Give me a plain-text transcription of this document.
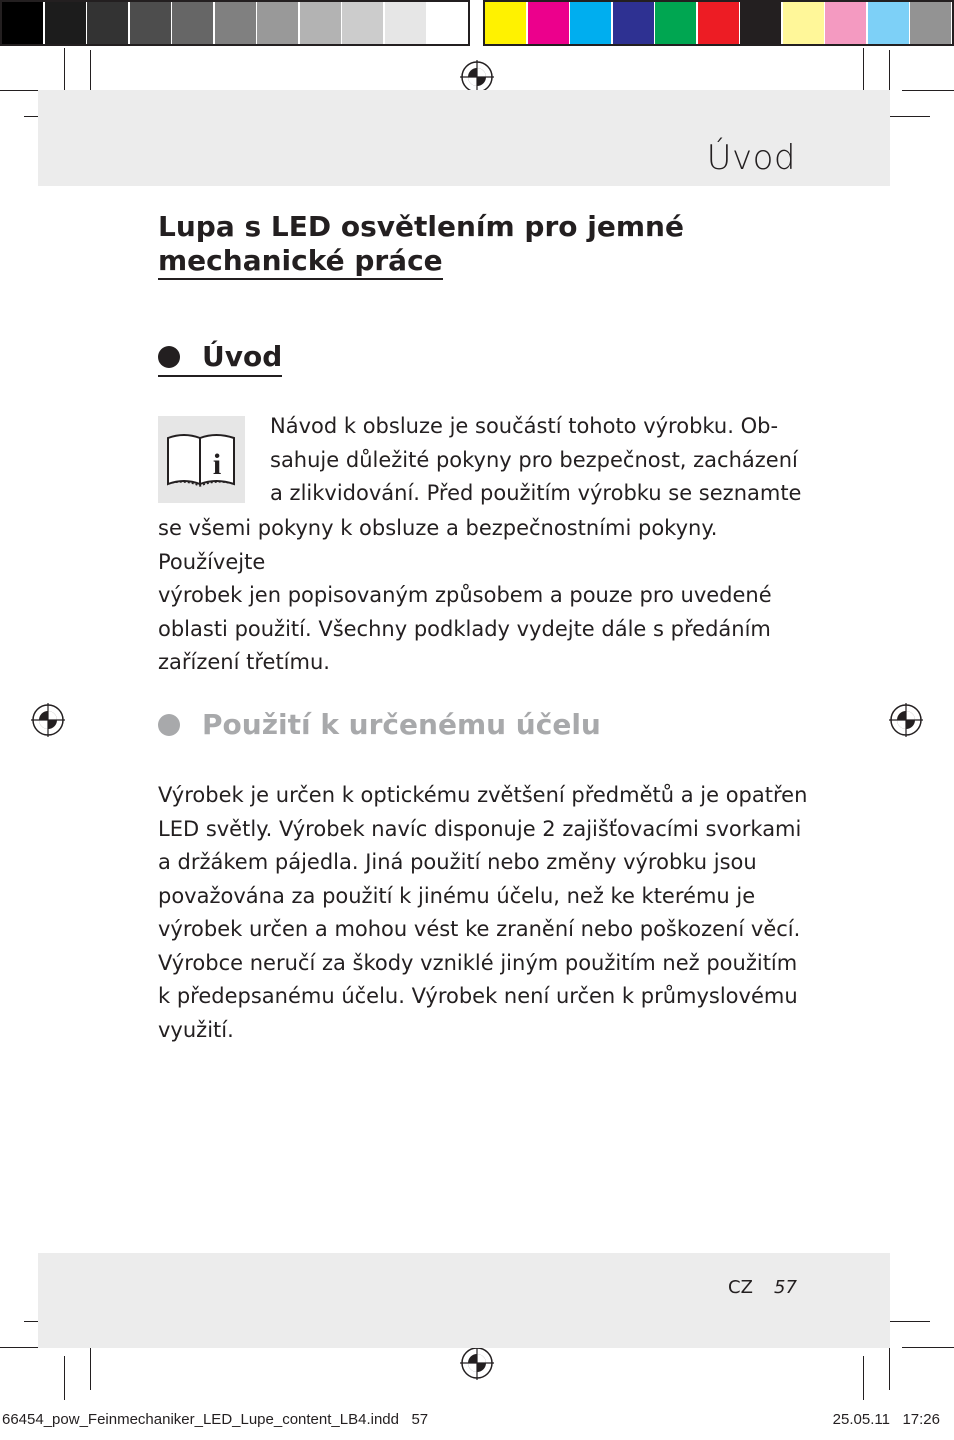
Úvod
Lupa s LED osvětlením pro jemné
mechanické práce
Úvod
i

Návod k obsluze je součástí tohoto výrobku. Ob-
sahuje důležité pokyny pro bezpečnost, zacházení
a zlikvidování. Před použitím výrobku se seznamte

se všemi pokyny k obsluze a bezpečnostními pokyny. Používejte
výrobek jen popisovaným způsobem a pouze pro uvedené
oblasti použití. Všechny podklady vydejte dále s předáním
zařízení třetímu.

Použití k určenému účelu

Výrobek je určen k optickému zvětšení předmětů a je opatřen
LED světly. Výrobek navíc disponuje 2 zajišťovacími svorkami
a držákem pájedla. Jiná použití nebo změny výrobku jsou
považována za použití k jinému účelu, než ke kterému je
výrobek určen a mohou vést ke zranění nebo poškození věcí.
Výrobce neručí za škody vzniklé jiným použitím než použitím
k předepsanému účelu. Výrobek není určen k průmyslovému
využití.

CZ 57
66454_pow_Feinmechaniker_LED_Lupe_content_LB4.indd   57	25.05.11   17:26
